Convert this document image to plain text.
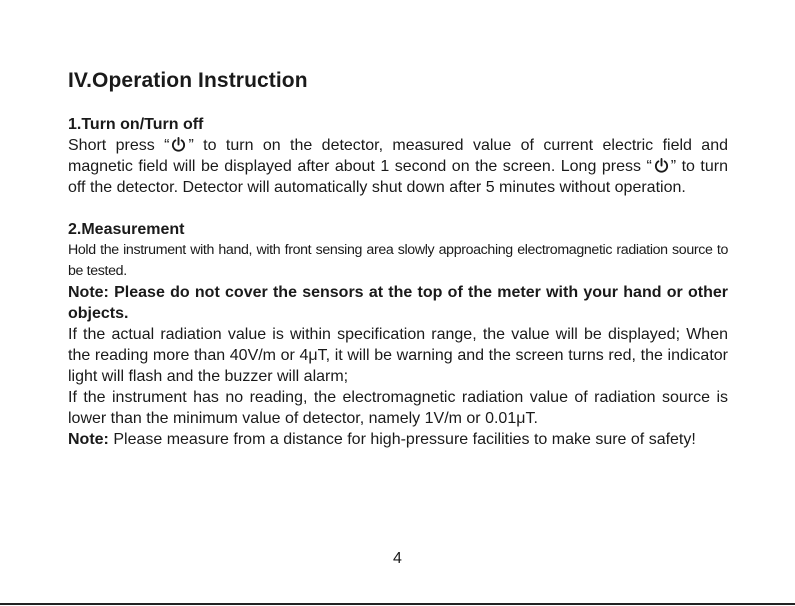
IV.Operation Instruction
1.Turn on/Turn off

Short press “ ” to turn on the detector, measured value of current electric field and magnetic field will be displayed after about 1 second on the screen. Long press “ ” to turn off the detector. Detector will automatically shut down after 5 minutes without operation.

2.Measurement

Hold the instrument with hand, with front sensing area slowly approaching electromagnetic radiation source to be tested.

Note: Please do not cover the sensors at the top of the meter with your hand or other objects.

If the actual radiation value is within specification range, the value will be displayed; When the reading more than 40V/m or 4μT, it will be warning and the screen turns red, the indicator light will flash and the buzzer will alarm;

If the instrument has no reading, the electromagnetic radiation value of radiation source is lower than the minimum value of detector, namely 1V/m or 0.01μT.

Note: Please measure from a distance for high-pressure facilities to make sure of safety!

4
